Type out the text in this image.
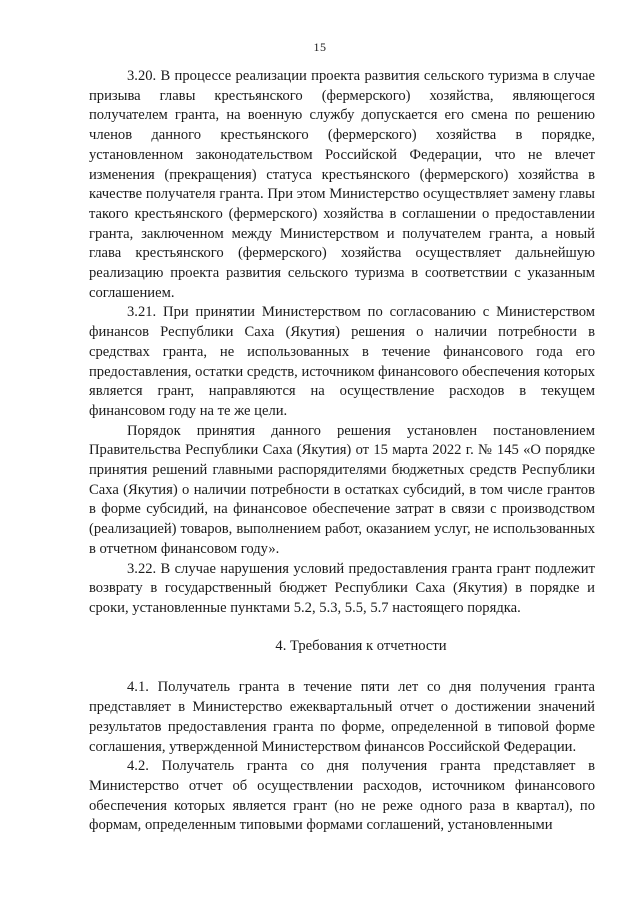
15

3.20. В процессе реализации проекта развития сельского туризма в случае призыва главы крестьянского (фермерского) хозяйства, являющегося получателем гранта, на военную службу допускается его смена по решению членов данного крестьянского (фермерского) хозяйства в порядке, установленном законодательством Российской Федерации, что не влечет изменения (прекращения) статуса крестьянского (фермерского) хозяйства в качестве получателя гранта. При этом Министерство осуществляет замену главы такого крестьянского (фермерского) хозяйства в соглашении о предоставлении гранта, заключенном между Министерством и получателем гранта, а новый глава крестьянского (фермерского) хозяйства осуществляет дальнейшую реализацию проекта развития сельского туризма в соответствии с указанным соглашением.

3.21. При принятии Министерством по согласованию с Министерством финансов Республики Саха (Якутия) решения о наличии потребности в средствах гранта, не использованных в течение финансового года его предоставления, остатки средств, источником финансового обеспечения которых является грант, направляются на осуществление расходов в текущем финансовом году на те же цели.

Порядок принятия данного решения установлен постановлением Правительства Республики Саха (Якутия) от 15 марта 2022 г. № 145 «О порядке принятия решений главными распорядителями бюджетных средств Республики Саха (Якутия) о наличии потребности в остатках субсидий, в том числе грантов в форме субсидий, на финансовое обеспечение затрат в связи с производством (реализацией) товаров, выполнением работ, оказанием услуг, не использованных в отчетном финансовом году».

3.22. В случае нарушения условий предоставления гранта грант подлежит возврату в государственный бюджет Республики Саха (Якутия) в порядке и сроки, установленные пунктами 5.2, 5.3, 5.5, 5.7 настоящего порядка.

4. Требования к отчетности

4.1. Получатель гранта в течение пяти лет со дня получения гранта представляет в Министерство ежеквартальный отчет о достижении значений результатов предоставления гранта по форме, определенной в типовой форме соглашения, утвержденной Министерством финансов Российской Федерации.

4.2. Получатель гранта со дня получения гранта представляет в Министерство отчет об осуществлении расходов, источником финансового обеспечения которых является грант (но не реже одного раза в квартал), по формам, определенным типовыми формами соглашений, установленными
